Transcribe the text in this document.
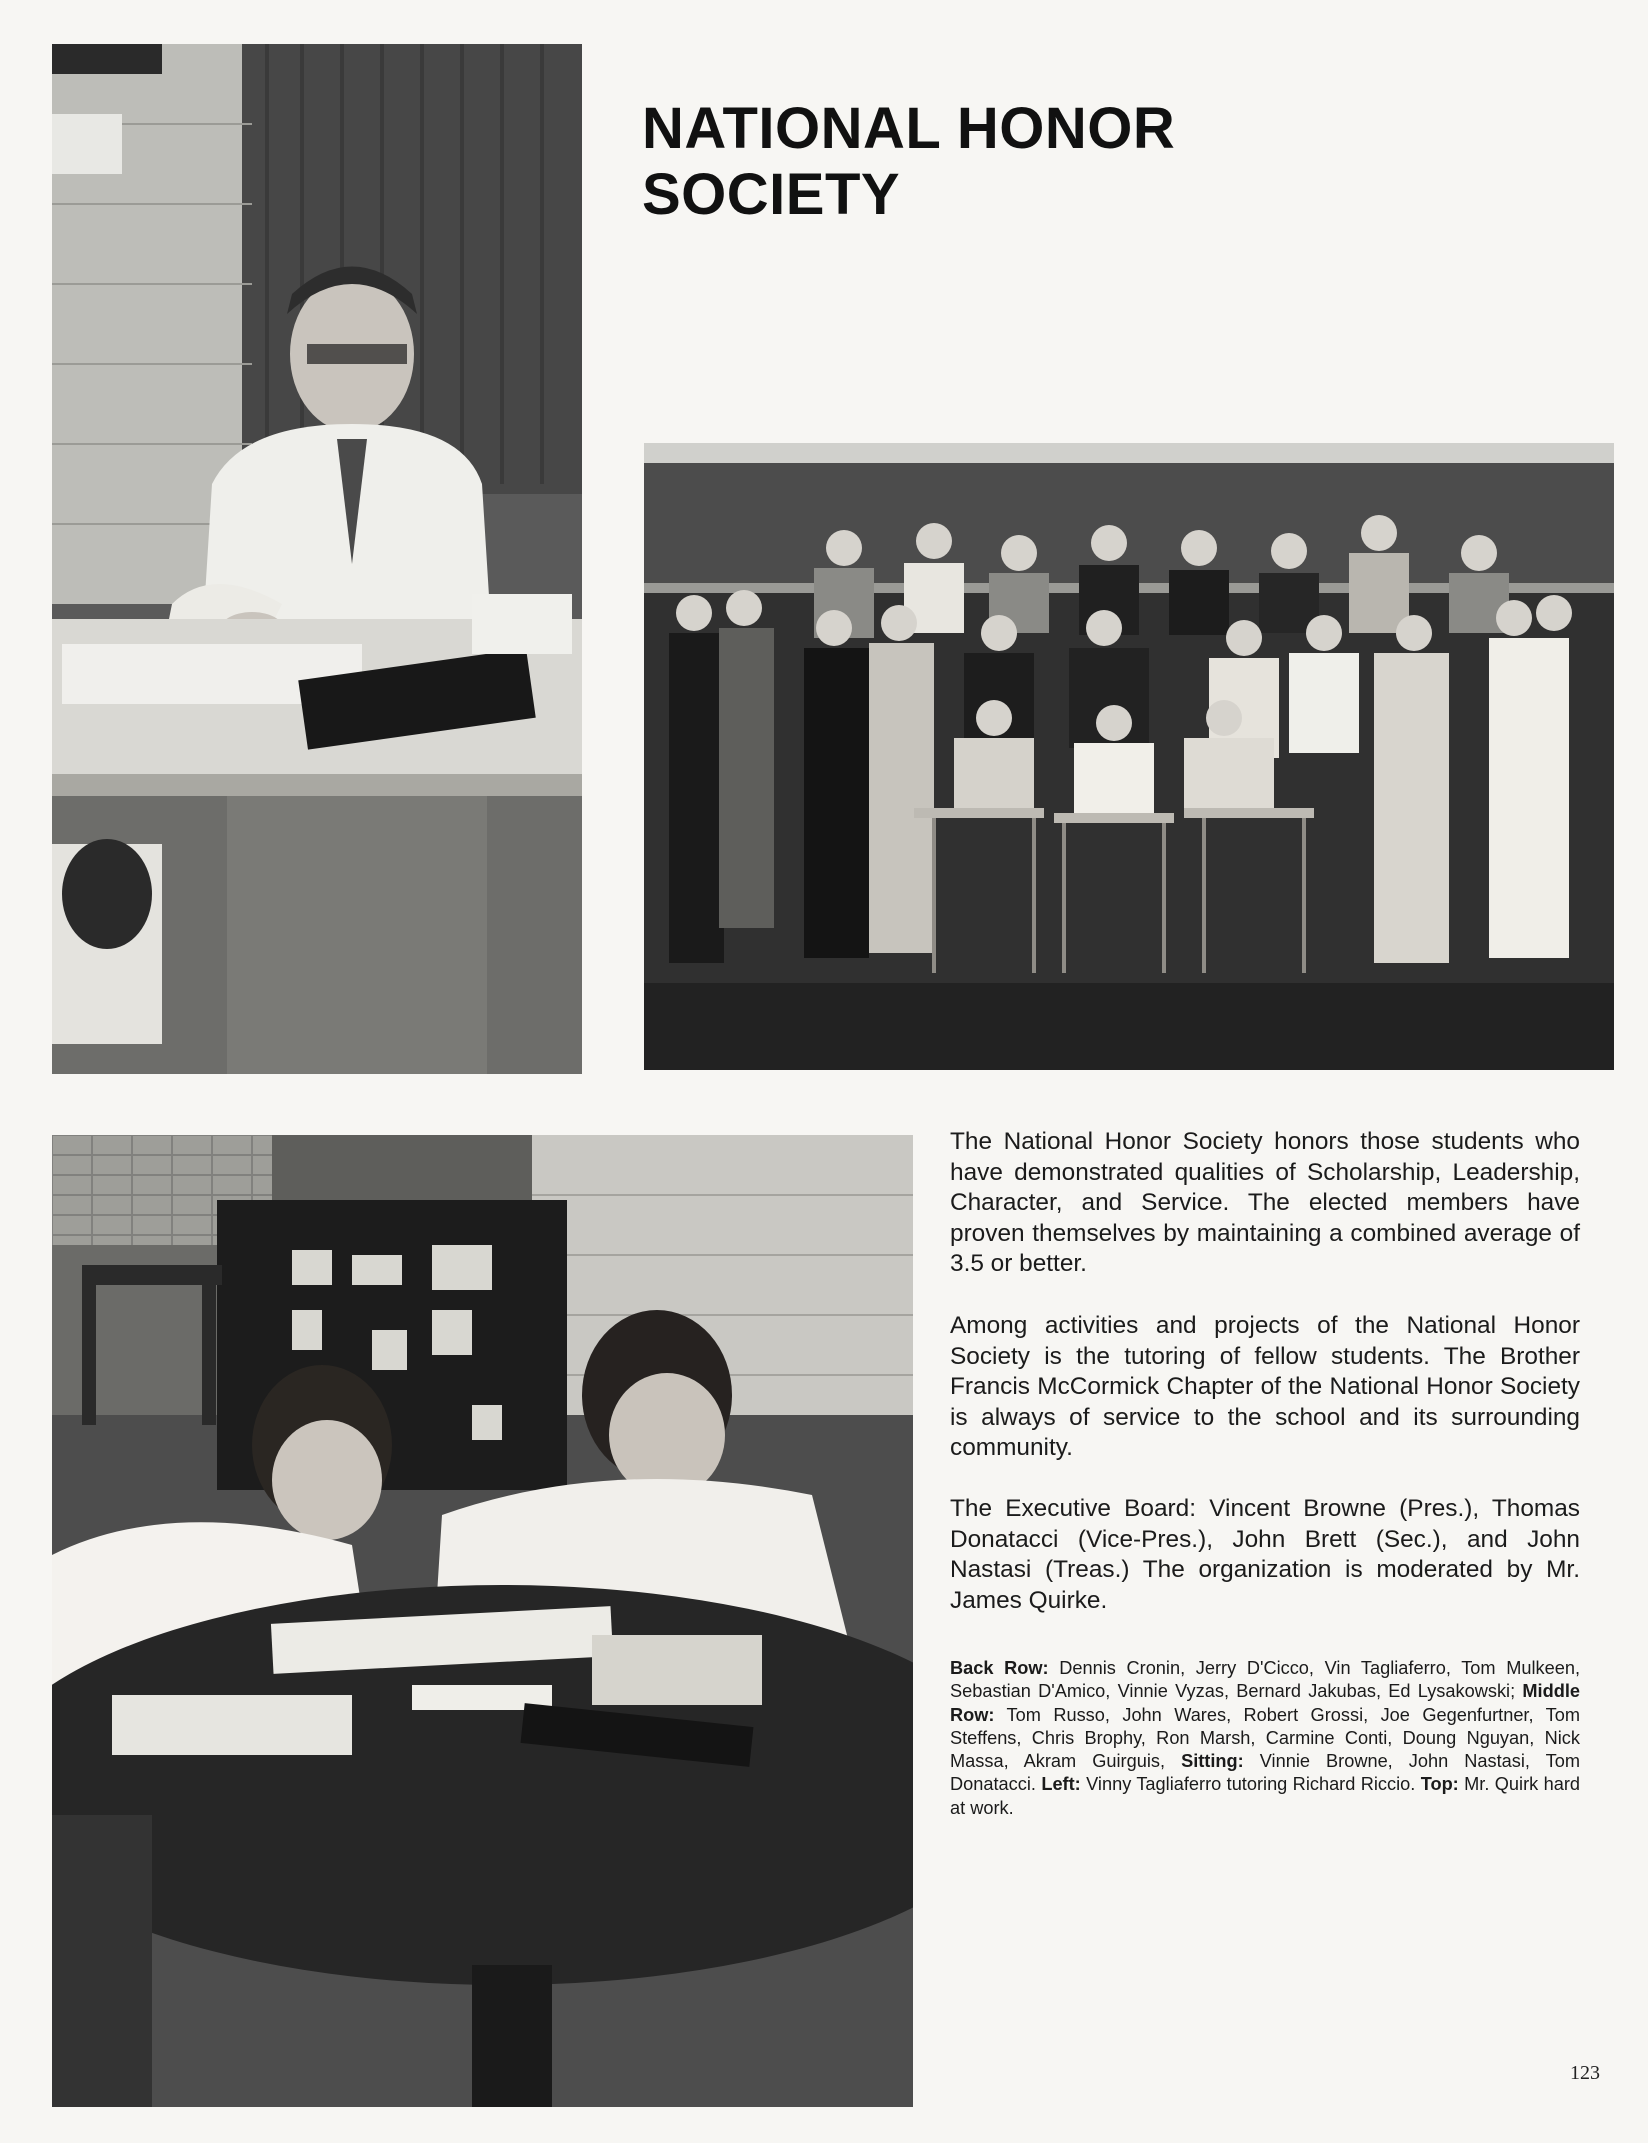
NATIONAL HONOR
SOCIETY

The National Honor Society honors those students who have demonstrated qualities of Scholarship, Leadership, Character, and Service. The elected members have proven themselves by maintaining a combined average of 3.5 or better.

Among activities and projects of the National Honor Society is the tutoring of fellow students. The Brother Francis McCormick Chapter of the National Honor Society is always of service to the school and its surrounding community.

The Executive Board: Vincent Browne (Pres.), Thomas Donatacci (Vice-Pres.), John Brett (Sec.), and John Nastasi (Treas.) The organization is moderated by Mr. James Quirke.

Back Row: Dennis Cronin, Jerry D'Cicco, Vin Tagliaferro, Tom Mulkeen, Sebastian D'Amico, Vinnie Vyzas, Bernard Jakubas, Ed Lysakowski; Middle Row: Tom Russo, John Wares, Robert Grossi, Joe Gegenfurtner, Tom Steffens, Chris Brophy, Ron Marsh, Carmine Conti, Doung Nguyan, Nick Massa, Akram Guirguis, Sitting: Vinnie Browne, John Nastasi, Tom Donatacci. Left: Vinny Tagliaferro tutoring Richard Riccio. Top: Mr. Quirk hard at work.

123
